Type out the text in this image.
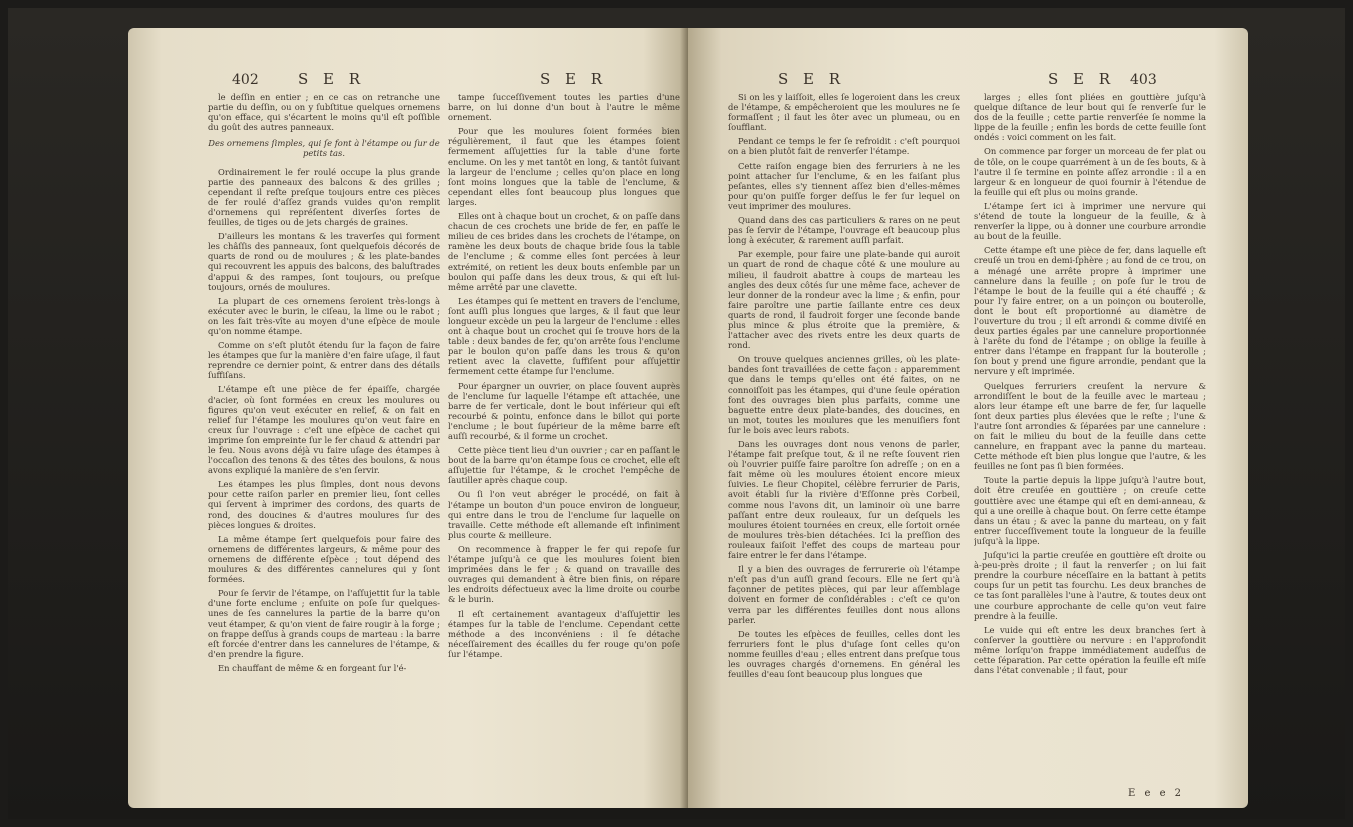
402	S E R	S E R

le deſſin en entier ; en ce cas on retranche une partie du deſſin, ou on y ſubſtitue quelques ornemens qu'on efface, qui s'écartent le moins qu'il eſt poſſible du goût des autres panneaux.

Des ornemens ſimples, qui ſe font à l'étampe ou ſur de petits tas.

Ordinairement le fer roulé occupe la plus grande partie des panneaux des balcons & des grilles ; cependant il reſte preſque toujours entre ces pièces de fer roulé d'aſſez grands vuides qu'on remplit d'ornemens qui repréſentent diverſes ſortes de feuilles, de tiges ou de jets chargés de graines.

D'ailleurs les montans & les traverſes qui forment les châſſis des panneaux, ſont quelquefois décorés de quarts de rond ou de moulures ; & les plate-bandes qui recouvrent les appuis des balcons, des baluſtrades d'appui & des rampes, ſont toujours, ou preſque toujours, ornés de moulures.

La plupart de ces ornemens ſeroient très-longs à exécuter avec le burin, le ciſeau, la lime ou le rabot ; on les fait très-vîte au moyen d'une eſpèce de moule qu'on nomme étampe.

Comme on s'eſt plutôt étendu ſur la façon de faire les étampes que ſur la manière d'en faire uſage, il faut reprendre ce dernier point, & entrer dans des détails ſuffiſans.

L'étampe eſt une pièce de fer épaiſſe, chargée d'acier, où ſont formées en creux les moulures ou figures qu'on veut exécuter en relief, & on fait en relief ſur l'étampe les moulures qu'on veut faire en creux ſur l'ouvrage : c'eſt une eſpèce de cachet qui imprime ſon empreinte ſur le fer chaud & attendri par le feu. Nous avons déjà vu faire uſage des étampes à l'occaſion des tenons & des têtes des boulons, & nous avons expliqué la manière de s'en ſervir.

Les étampes les plus ſimples, dont nous devons pour cette raiſon parler en premier lieu, ſont celles qui ſervent à imprimer des cordons, des quarts de rond, des doucines & d'autres moulures ſur des pièces longues & droites.

La même étampe ſert quelquefois pour faire des ornemens de différentes largeurs, & même pour des ornemens de différente eſpèce ; tout dépend des moulures & des différentes cannelures qui y ſont formées.

Pour ſe ſervir de l'étampe, on l'aſſujettit ſur la table d'une forte enclume ; enſuite on poſe ſur quelques-unes de ſes cannelures la partie de la barre qu'on veut étamper, & qu'on vient de faire rougir à la forge ; on frappe deſſus à grands coups de marteau : la barre eſt forcée d'entrer dans les cannelures de l'étampe, & d'en prendre la figure.

En chauffant de même & en forgeant ſur l'é-

tampe ſucceſſivement toutes les parties d'une barre, on lui donne d'un bout à l'autre le même ornement.

Pour que les moulures ſoient formées bien régulièrement, il faut que les étampes ſoient fermement aſſujetties ſur la table d'une forte enclume. On les y met tantôt en long, & tantôt ſuivant la largeur de l'enclume ; celles qu'on place en long ſont moins longues que la table de l'enclume, & cependant elles ſont beaucoup plus longues que larges.

Elles ont à chaque bout un crochet, & on paſſe dans chacun de ces crochets une bride de fer, en paſſe le milieu de ces brides dans les crochets de l'étampe, on ramène les deux bouts de chaque bride ſous la table de l'enclume ; & comme elles ſont percées à leur extrémité, on retient les deux bouts enſemble par un boulon qui paſſe dans les deux trous, & qui eſt lui-même arrêté par une clavette.

Les étampes qui ſe mettent en travers de l'enclume, ſont auſſi plus longues que larges, & il faut que leur longueur excède un peu la largeur de l'enclume : elles ont à chaque bout un crochet qui ſe trouve hors de la table : deux bandes de fer, qu'on arrête ſous l'enclume par le boulon qu'on paſſe dans les trous & qu'on retient avec la clavette, ſuffiſent pour aſſujettir fermement cette étampe ſur l'enclume.

Pour épargner un ouvrier, on place ſouvent auprès de l'enclume ſur laquelle l'étampe eſt attachée, une barre de fer verticale, dont le bout inférieur qui eſt recourbé & pointu, enfonce dans le billot qui porte l'enclume ; le bout ſupérieur de la même barre eſt auſſi recourbé, & il forme un crochet.

Cette pièce tient lieu d'un ouvrier ; car en paſſant le bout de la barre qu'on étampe ſous ce crochet, elle eſt aſſujettie ſur l'étampe, & le crochet l'empêche de ſautiller après chaque coup.

Ou ſi l'on veut abréger le procédé, on fait à l'étampe un bouton d'un pouce environ de longueur, qui entre dans le trou de l'enclume ſur laquelle on travaille. Cette méthode eſt allemande eſt infiniment plus courte & meilleure.

On recommence à frapper le fer qui repoſe ſur l'étampe juſqu'à ce que les moulures ſoient bien imprimées dans le fer ; & quand on travaille des ouvrages qui demandent à être bien finis, on répare les endroits défectueux avec la lime droite ou courbe & le burin.

Il eſt certainement avantageux d'aſſujettir les étampes ſur la table de l'enclume. Cependant cette méthode a des inconvéniens : il ſe détache néceſſairement des écailles du fer rouge qu'on poſe ſur l'étampe.

S E R	S E R 403

Si on les y laiſſoit, elles ſe logeroient dans les creux de l'étampe, & empêcheroient que les moulures ne ſe formaſſent ; il faut les ôter avec un plumeau, ou en ſoufflant.

Pendant ce temps le fer ſe refroidit : c'eſt pourquoi on a bien plutôt fait de renverſer l'étampe.

Cette raiſon engage bien des ferruriers à ne les point attacher ſur l'enclume, & en les faiſant plus peſantes, elles s'y tiennent aſſez bien d'elles-mêmes pour qu'on puiſſe forger deſſus le fer ſur lequel on veut imprimer des moulures.

Quand dans des cas particuliers & rares on ne peut pas ſe ſervir de l'étampe, l'ouvrage eſt beaucoup plus long à exécuter, & rarement auſſi parfait.

Par exemple, pour faire une plate-bande qui auroit un quart de rond de chaque côté & une moulure au milieu, il faudroit abattre à coups de marteau les angles des deux côtés ſur une même face, achever de leur donner de la rondeur avec la lime ; & enfin, pour faire paroître une partie ſaillante entre ces deux quarts de rond, il faudroit forger une ſeconde bande plus mince & plus étroite que la première, & l'attacher avec des rivets entre les deux quarts de rond.

On trouve quelques anciennes grilles, où les plate-bandes ſont travaillées de cette façon : apparemment que dans le temps qu'elles ont été faites, on ne connoiſſoit pas les étampes, qui d'une ſeule opération font des ouvrages bien plus parfaits, comme une baguette entre deux plate-bandes, des doucines, en un mot, toutes les moulures que les menuiſiers font ſur le bois avec leurs rabots.

Dans les ouvrages dont nous venons de parler, l'étampe fait preſque tout, & il ne reſte ſouvent rien où l'ouvrier puiſſe faire paroître ſon adreſſe ; on en a fait même où les moulures étoient encore mieux ſuivies. Le ſieur Chopitel, célèbre ferrurier de Paris, avoit établi ſur la rivière d'Eſſonne près Corbeil, comme nous l'avons dit, un laminoir où une barre paſſant entre deux rouleaux, ſur un deſquels les moulures étoient tournées en creux, elle ſortoit ornée de moulures très-bien détachées. Ici la preſſion des rouleaux faiſoit l'effet des coups de marteau pour faire entrer le fer dans l'étampe.

Il y a bien des ouvrages de ferrurerie où l'étampe n'eſt pas d'un auſſi grand ſecours. Elle ne ſert qu'à façonner de petites pièces, qui par leur aſſemblage doivent en former de conſidérables : c'eſt ce qu'on verra par les différentes feuilles dont nous allons parler.

De toutes les eſpèces de feuilles, celles dont les ferruriers font le plus d'uſage ſont celles qu'on nomme feuilles d'eau ; elles entrent dans preſque tous les ouvrages chargés d'ornemens. En général les feuilles d'eau ſont beaucoup plus longues que

larges ; elles ſont pliées en gouttière juſqu'à quelque diſtance de leur bout qui ſe renverſe ſur le dos de la feuille ; cette partie renverſée ſe nomme la lippe de la feuille ; enfin les bords de cette feuille ſont ondés : voici comment on les fait.

On commence par forger un morceau de fer plat ou de tôle, on le coupe quarrément à un de ſes bouts, & à l'autre il ſe termine en pointe aſſez arrondie : il a en largeur & en longueur de quoi fournir à l'étendue de la feuille qui eſt plus ou moins grande.

L'étampe ſert ici à imprimer une nervure qui s'étend de toute la longueur de la feuille, & à renverſer la lippe, ou à donner une courbure arrondie au bout de la feuille.

Cette étampe eſt une pièce de fer, dans laquelle eſt creuſé un trou en demi-ſphère ; au fond de ce trou, on a ménagé une arrête propre à imprimer une cannelure dans la feuille ; on poſe ſur le trou de l'étampe le bout de la feuille qui a été chauffé ; & pour l'y faire entrer, on a un poinçon ou bouterolle, dont le bout eſt proportionné au diamètre de l'ouverture du trou ; il eſt arrondi & comme diviſé en deux parties égales par une cannelure proportionnée à l'arête du fond de l'étampe ; on oblige la feuille à entrer dans l'étampe en frappant ſur la bouterolle ; ſon bout y prend une figure arrondie, pendant que la nervure y eſt imprimée.

Quelques ferruriers creuſent la nervure & arrondiſſent le bout de la feuille avec le marteau ; alors leur étampe eſt une barre de fer, ſur laquelle ſont deux parties plus élevées que le reſte ; l'une & l'autre ſont arrondies & ſéparées par une cannelure : on fait le milieu du bout de la feuille dans cette cannelure, en frappant avec la panne du marteau. Cette méthode eſt bien plus longue que l'autre, & les feuilles ne ſont pas ſi bien formées.

Toute la partie depuis la lippe juſqu'à l'autre bout, doit être creuſée en gouttière ; on creuſe cette gouttière avec une étampe qui eſt en demi-anneau, & qui a une oreille à chaque bout. On ſerre cette étampe dans un étau ; & avec la panne du marteau, on y fait entrer ſucceſſivement toute la longueur de la feuille juſqu'à la lippe.

Juſqu'ici la partie creuſée en gouttière eſt droite ou à-peu-près droite ; il faut la renverſer ; on lui fait prendre la courbure néceſſaire en la battant à petits coups ſur un petit tas fourchu. Les deux branches de ce tas ſont parallèles l'une à l'autre, & toutes deux ont une courbure approchante de celle qu'on veut faire prendre à la feuille.

Le vuide qui eſt entre les deux branches ſert à conſerver la gouttière ou nervure : en l'approfondit même lorſqu'on frappe immédiatement audeſſus de cette ſéparation. Par cette opération la feuille eſt miſe dans l'état convenable ; il faut, pour

E e e 2
